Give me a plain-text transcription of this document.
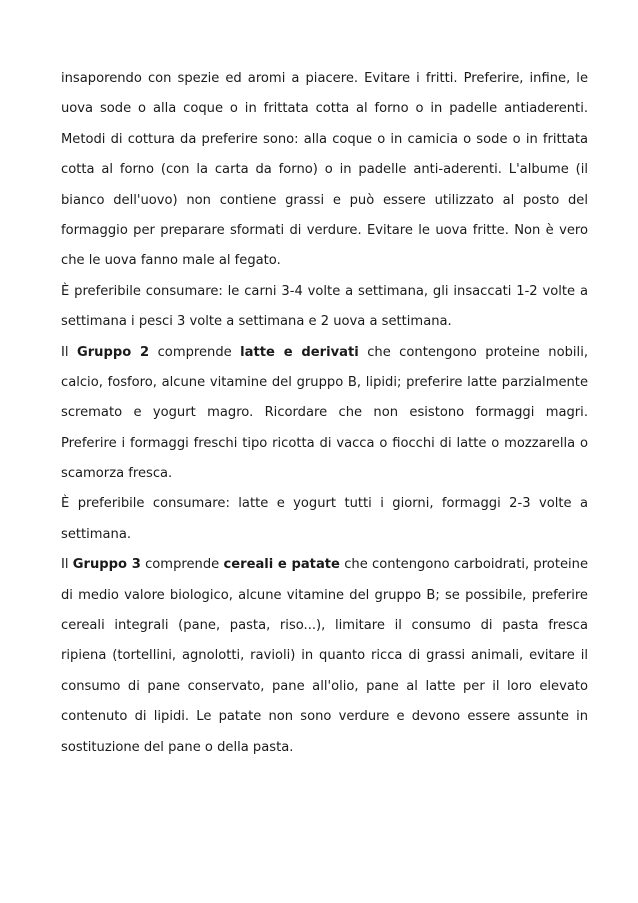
insaporendo con spezie ed aromi a piacere. Evitare i fritti. Preferire, infine, le
uova sode o alla coque o in frittata cotta al forno o in padelle antiaderenti.
Metodi di cottura da preferire sono: alla coque o in camicia o sode o in frittata
cotta al forno (con la carta da forno) o in padelle anti-aderenti. L'albume (il
bianco dell'uovo) non contiene grassi e può essere utilizzato al posto del
formaggio per preparare sformati di verdure. Evitare le uova fritte. Non è vero
che le uova fanno male al fegato.
È preferibile consumare: le carni 3-4 volte a settimana, gli insaccati 1-2 volte a
settimana i pesci 3 volte a settimana e 2 uova a settimana.
Il Gruppo 2 comprende latte e derivati che contengono proteine nobili,
calcio, fosforo, alcune vitamine del gruppo B, lipidi; preferire latte parzialmente
scremato e yogurt magro. Ricordare che non esistono formaggi magri.
Preferire i formaggi freschi tipo ricotta di vacca o fiocchi di latte o mozzarella o
scamorza fresca.
È preferibile consumare: latte e yogurt tutti i giorni, formaggi 2-3 volte a
settimana.
Il Gruppo 3 comprende cereali e patate che contengono carboidrati, proteine
di medio valore biologico, alcune vitamine del gruppo B; se possibile, preferire
cereali integrali (pane, pasta, riso...), limitare il consumo di pasta fresca
ripiena (tortellini, agnolotti, ravioli) in quanto ricca di grassi animali, evitare il
consumo di pane conservato, pane all'olio, pane al latte per il loro elevato
contenuto di lipidi. Le patate non sono verdure e devono essere assunte in
sostituzione del pane o della pasta.
